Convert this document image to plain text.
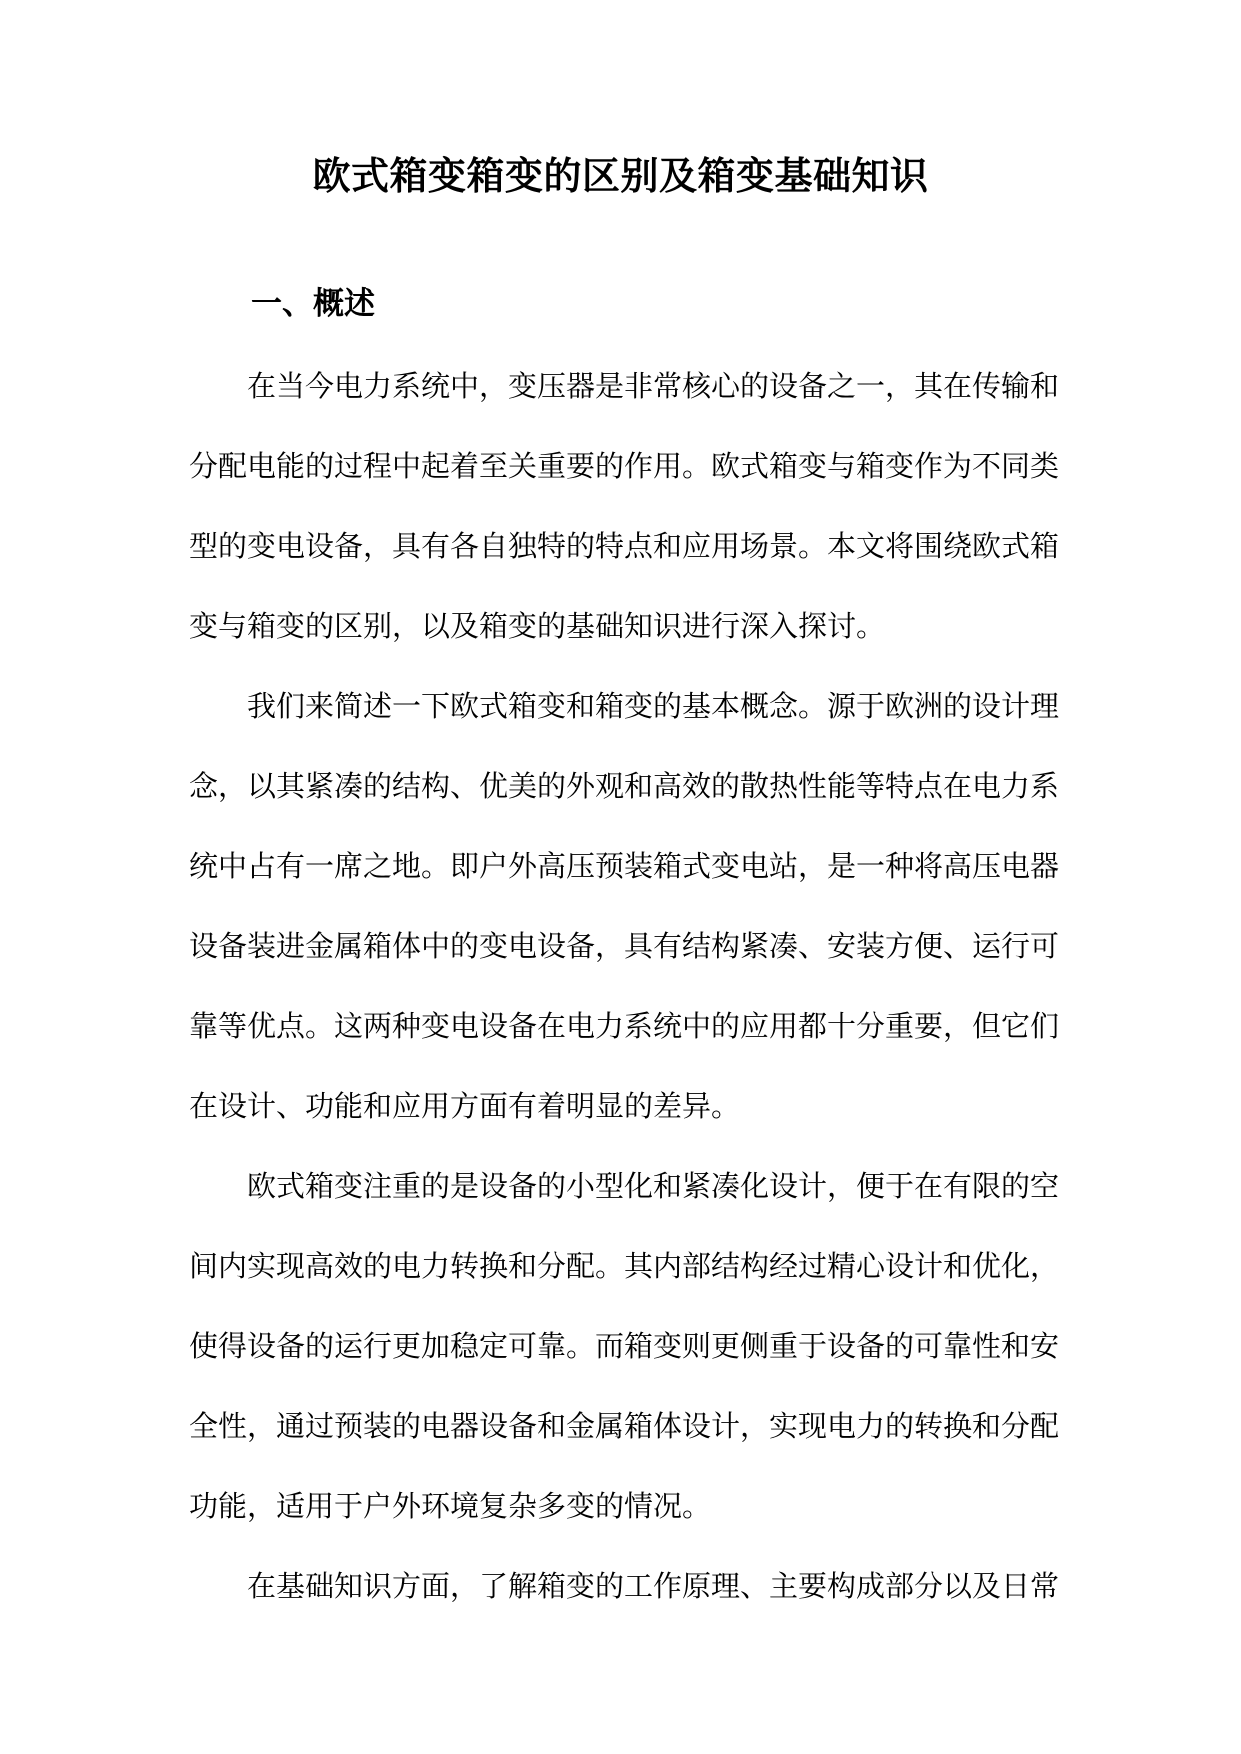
欧式箱变箱变的区别及箱变基础知识
一、概述
在当今电力系统中，变压器是非常核心的设备之一，其在传输和
分配电能的过程中起着至关重要的作用。欧式箱变与箱变作为不同类
型的变电设备，具有各自独特的特点和应用场景。本文将围绕欧式箱
变与箱变的区别，以及箱变的基础知识进行深入探讨。
我们来简述一下欧式箱变和箱变的基本概念。源于欧洲的设计理
念，以其紧凑的结构、优美的外观和高效的散热性能等特点在电力系
统中占有一席之地。即户外高压预装箱式变电站，是一种将高压电器
设备装进金属箱体中的变电设备，具有结构紧凑、安装方便、运行可
靠等优点。这两种变电设备在电力系统中的应用都十分重要，但它们
在设计、功能和应用方面有着明显的差异。
欧式箱变注重的是设备的小型化和紧凑化设计，便于在有限的空
间内实现高效的电力转换和分配。其内部结构经过精心设计和优化，
使得设备的运行更加稳定可靠。而箱变则更侧重于设备的可靠性和安
全性，通过预装的电器设备和金属箱体设计，实现电力的转换和分配
功能，适用于户外环境复杂多变的情况。
在基础知识方面，了解箱变的工作原理、主要构成部分以及日常
